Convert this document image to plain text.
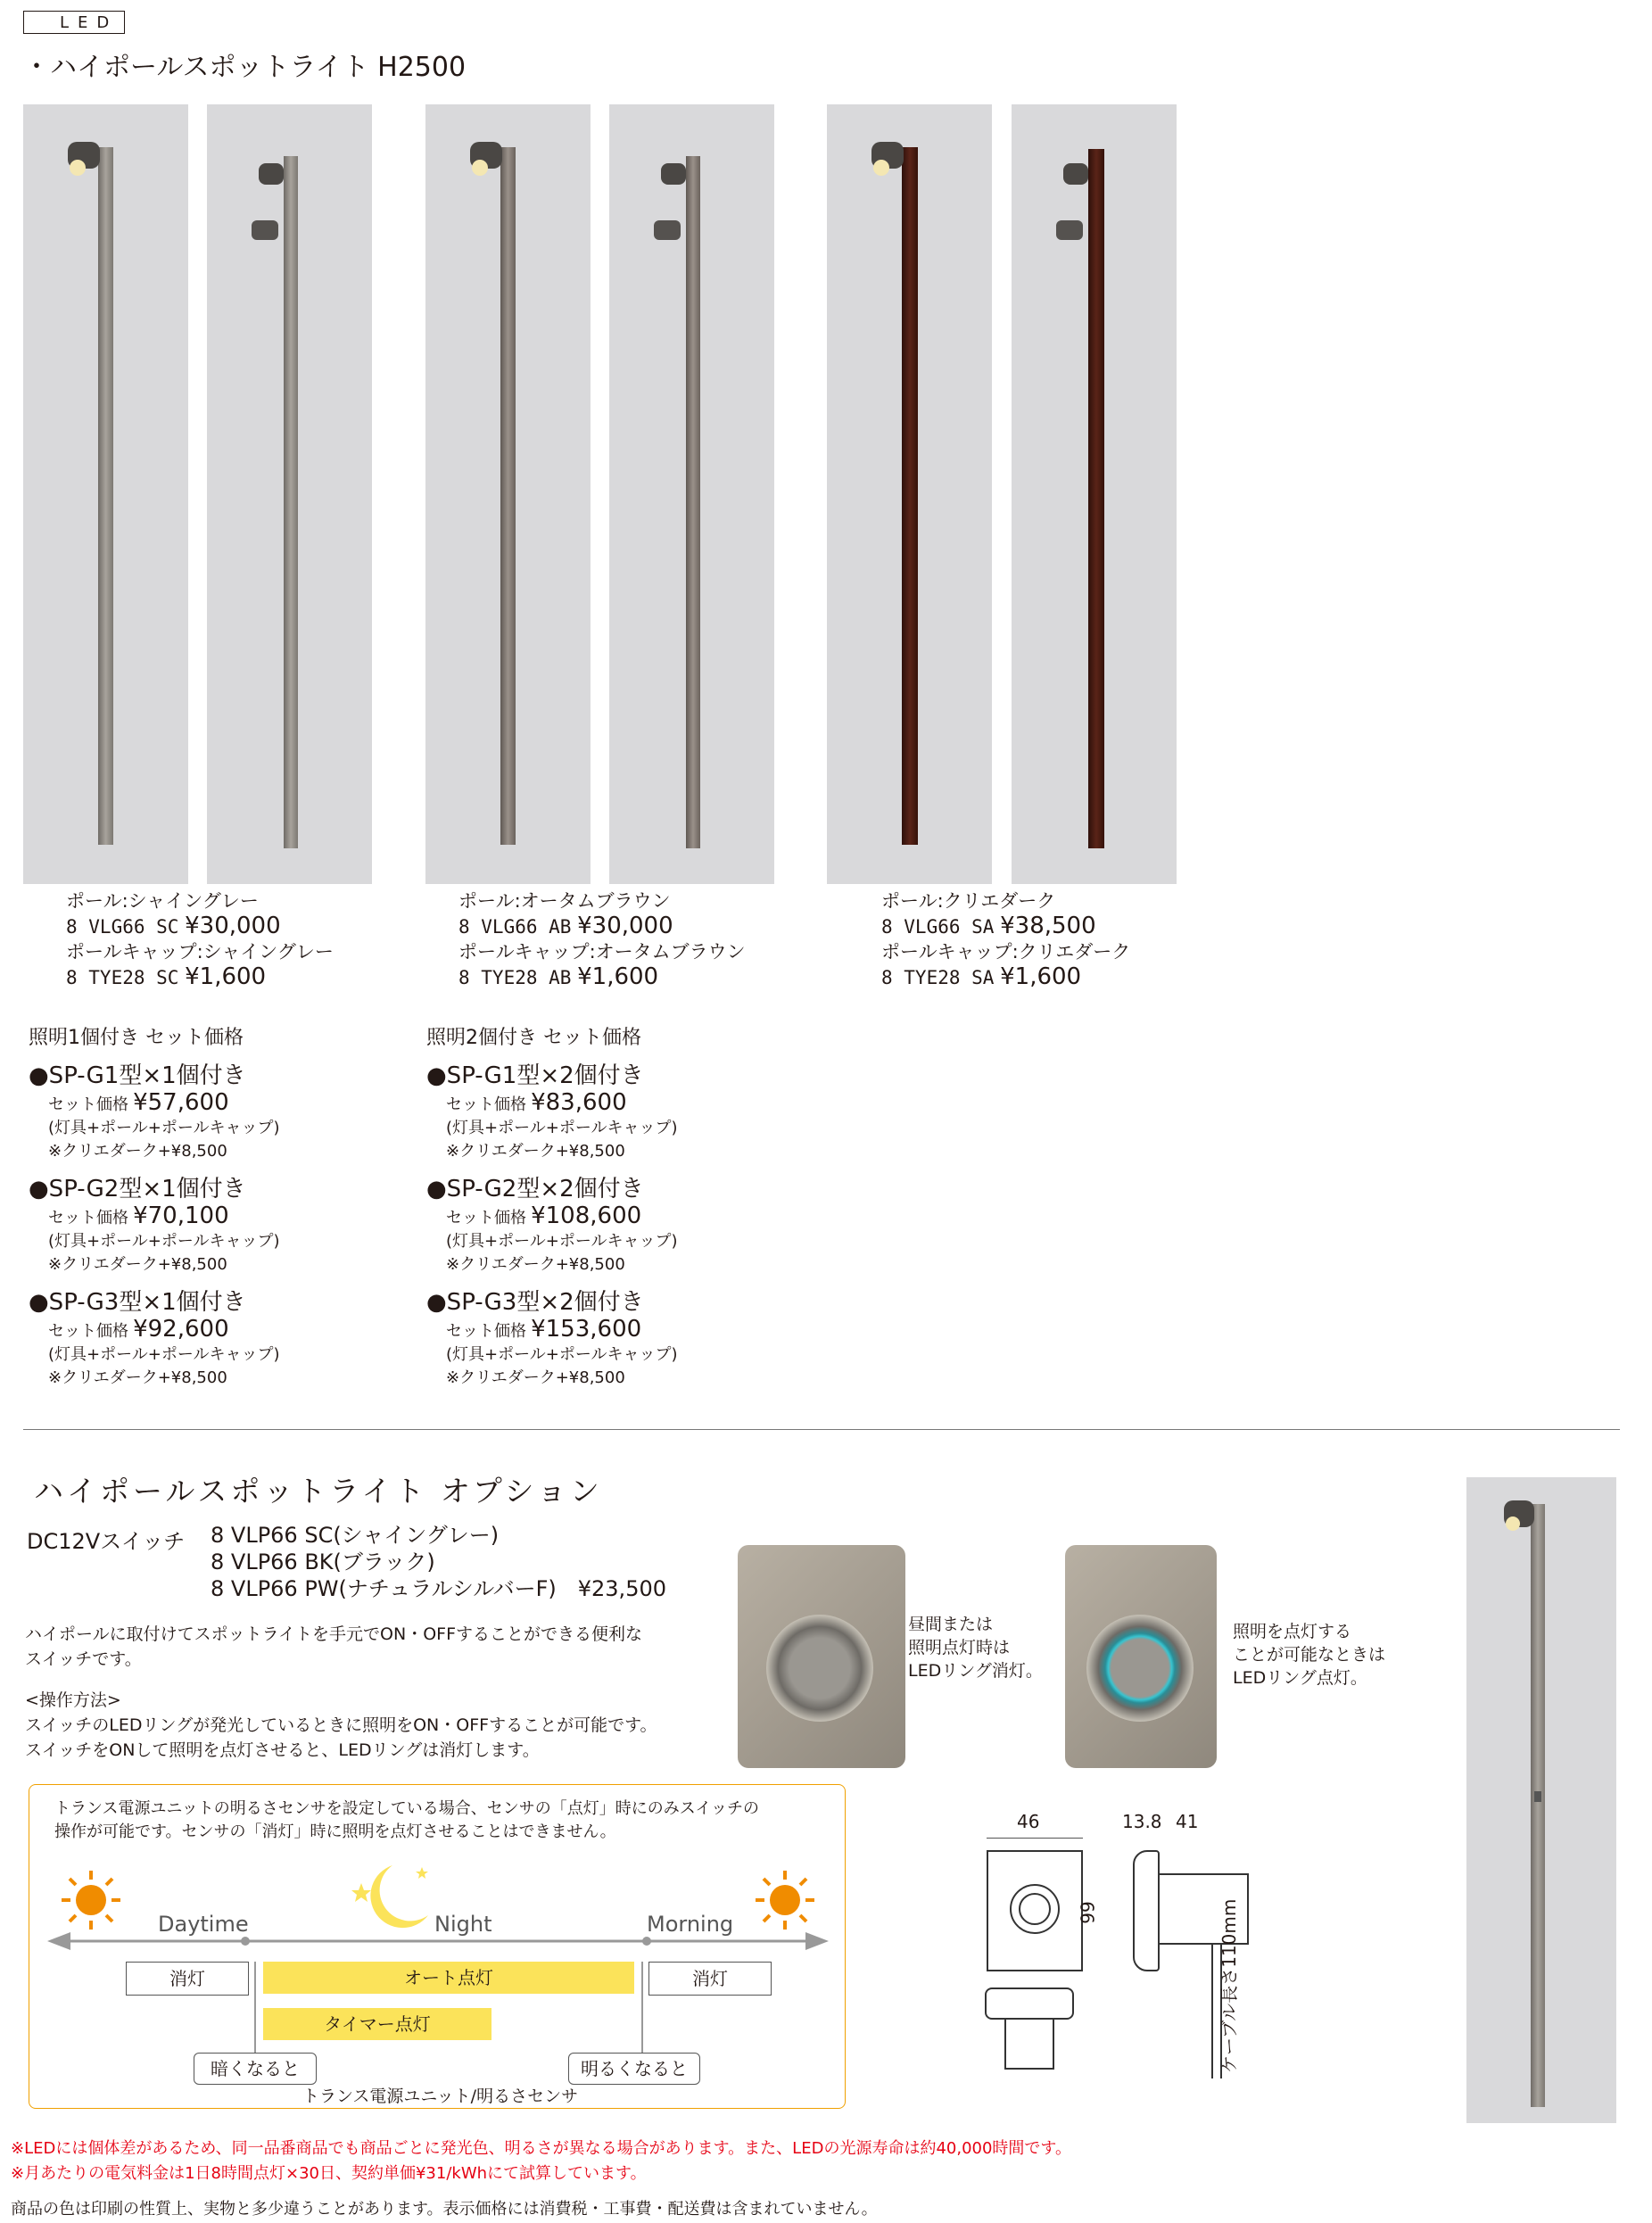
LED
・ハイポールスポットライト H2500
ポール:シャイングレー
8 VLG66 SC ¥30,000
ポールキャップ:シャイングレー
8 TYE28 SC ¥1,600
ポール:オータムブラウン
8 VLG66 AB ¥30,000
ポールキャップ:オータムブラウン
8 TYE28 AB ¥1,600
ポール:クリエダーク
8 VLG66 SA ¥38,500
ポールキャップ:クリエダーク
8 TYE28 SA ¥1,600
照明1個付き セット価格
●SP-G1型×1個付き
セット価格 ¥57,600
(灯具+ポール+ポールキャップ)
※クリエダーク+¥8,500
●SP-G2型×1個付き
セット価格 ¥70,100
(灯具+ポール+ポールキャップ)
※クリエダーク+¥8,500
●SP-G3型×1個付き
セット価格 ¥92,600
(灯具+ポール+ポールキャップ)
※クリエダーク+¥8,500
照明2個付き セット価格
●SP-G1型×2個付き
セット価格 ¥83,600
(灯具+ポール+ポールキャップ)
※クリエダーク+¥8,500
●SP-G2型×2個付き
セット価格 ¥108,600
(灯具+ポール+ポールキャップ)
※クリエダーク+¥8,500
●SP-G3型×2個付き
セット価格 ¥153,600
(灯具+ポール+ポールキャップ)
※クリエダーク+¥8,500
ハイポールスポットライト オプション
DC12Vスイッチ 8 VLP66 SC(シャイングレー)
8 VLP66 BK(ブラック)
8 VLP66 PW(ナチュラルシルバーF)　 ¥23,500
ハイポールに取付けてスポットライトを手元でON・OFFすることができる便利な
スイッチです。
<操作方法>
スイッチのLEDリングが発光しているときに照明をON・OFFすることが可能です。
スイッチをONして照明を点灯させると、LEDリングは消灯します。
昼間または
照明点灯時は
LEDリング消灯。
照明を点灯する
ことが可能なときは
LEDリング点灯。
トランス電源ユニットの明るさセンサを設定している場合、センサの「点灯」時にのみスイッチの
操作が可能です。センサの「消灯」時に照明を点灯させることはできません。
Daytime	Night	Morning
消灯	オート点灯	消灯
タイマー点灯
暗くなると	明るくなると
トランス電源ユニット/明るさセンサ
46
66
13.8 41
ケーブル長さ110mm
※LEDには個体差があるため、同一品番商品でも商品ごとに発光色、明るさが異なる場合があります。また、LEDの光源寿命は約40,000時間です。
※月あたりの電気料金は1日8時間点灯×30日、契約単価¥31/kWhにて試算しています。
商品の色は印刷の性質上、実物と多少違うことがあります。表示価格には消費税・工事費・配送費は含まれていません。
